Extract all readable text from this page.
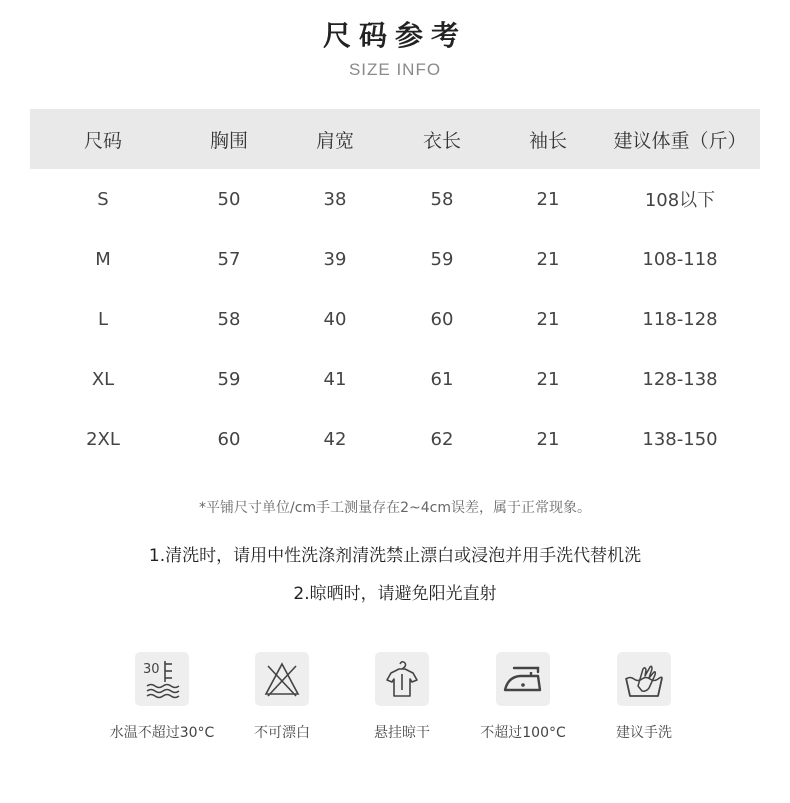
尺码参考
SIZE INFO
尺码	胸围	肩宽	衣长	袖长	建议体重（斤）
S	50	38	58	21	108以下
M	57	39	59	21	108-118
L	58	40	60	21	118-128
XL	59	41	61	21	128-138
2XL	60	42	62	21	138-150
*平铺尺寸单位/cm手工测量存在2~4cm误差，属于正常现象。
1.清洗时，请用中性洗涤剂清洗禁止漂白或浸泡并用手洗代替机洗
2.晾晒时，请避免阳光直射
30
水温不超过30°C	不可漂白	悬挂晾干	不超过100°C	建议手洗
